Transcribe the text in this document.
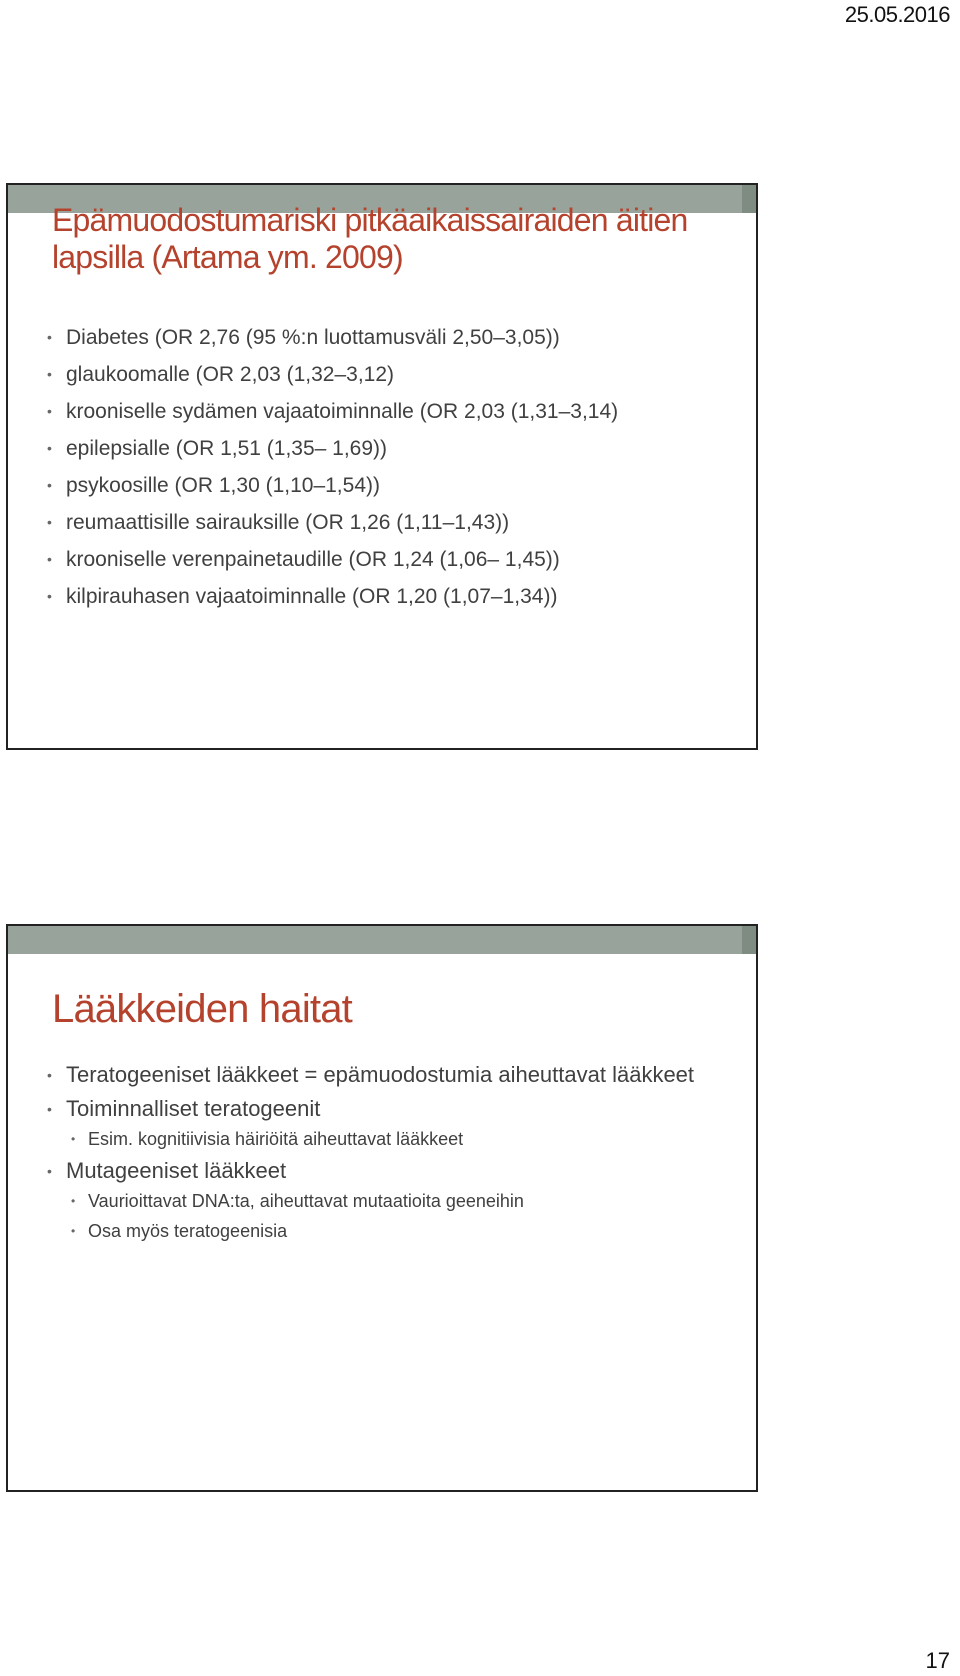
25.05.2016
Epämuodostumariski pitkäaikaissairaiden äitien lapsilla (Artama ym. 2009)
• Diabetes (OR 2,76 (95 %:n luottamusväli 2,50–3,05))
• glaukoomalle (OR 2,03 (1,32–3,12)
• krooniselle sydämen vajaatoiminnalle (OR 2,03 (1,31–3,14)
• epilepsialle (OR 1,51 (1,35– 1,69))
• psykoosille (OR 1,30 (1,10–1,54))
• reumaattisille sairauksille (OR 1,26 (1,11–1,43))
• krooniselle verenpainetaudille (OR 1,24 (1,06– 1,45))
• kilpirauhasen vajaatoiminnalle (OR 1,20 (1,07–1,34))
Lääkkeiden haitat
• Teratogeeniset lääkkeet = epämuodostumia aiheuttavat lääkkeet
• Toiminnalliset teratogeenit
• Esim. kognitiivisia häiriöitä aiheuttavat lääkkeet
• Mutageeniset lääkkeet
• Vaurioittavat DNA:ta, aiheuttavat mutaatioita geeneihin
• Osa myös teratogeenisia
17
